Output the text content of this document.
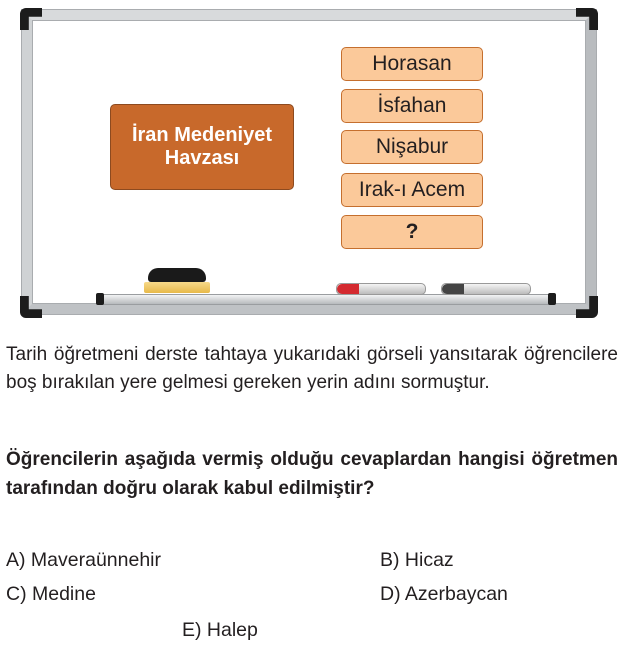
İran Medeniyet Havzası
Horasan
İsfahan
Nişabur
Irak-ı Acem
?
Tarih öğretmeni derste tahtaya yukarıdaki görseli yansıtarak öğrencilere boş bırakılan yere gelmesi gereken yerin adını sormuştur.
Öğrencilerin aşağıda vermiş olduğu cevaplardan hangisi öğretmen tarafından doğru olarak kabul edilmiştir?
A) Maveraünnehir	B) Hicaz
C) Medine	D) Azerbaycan
E) Halep
